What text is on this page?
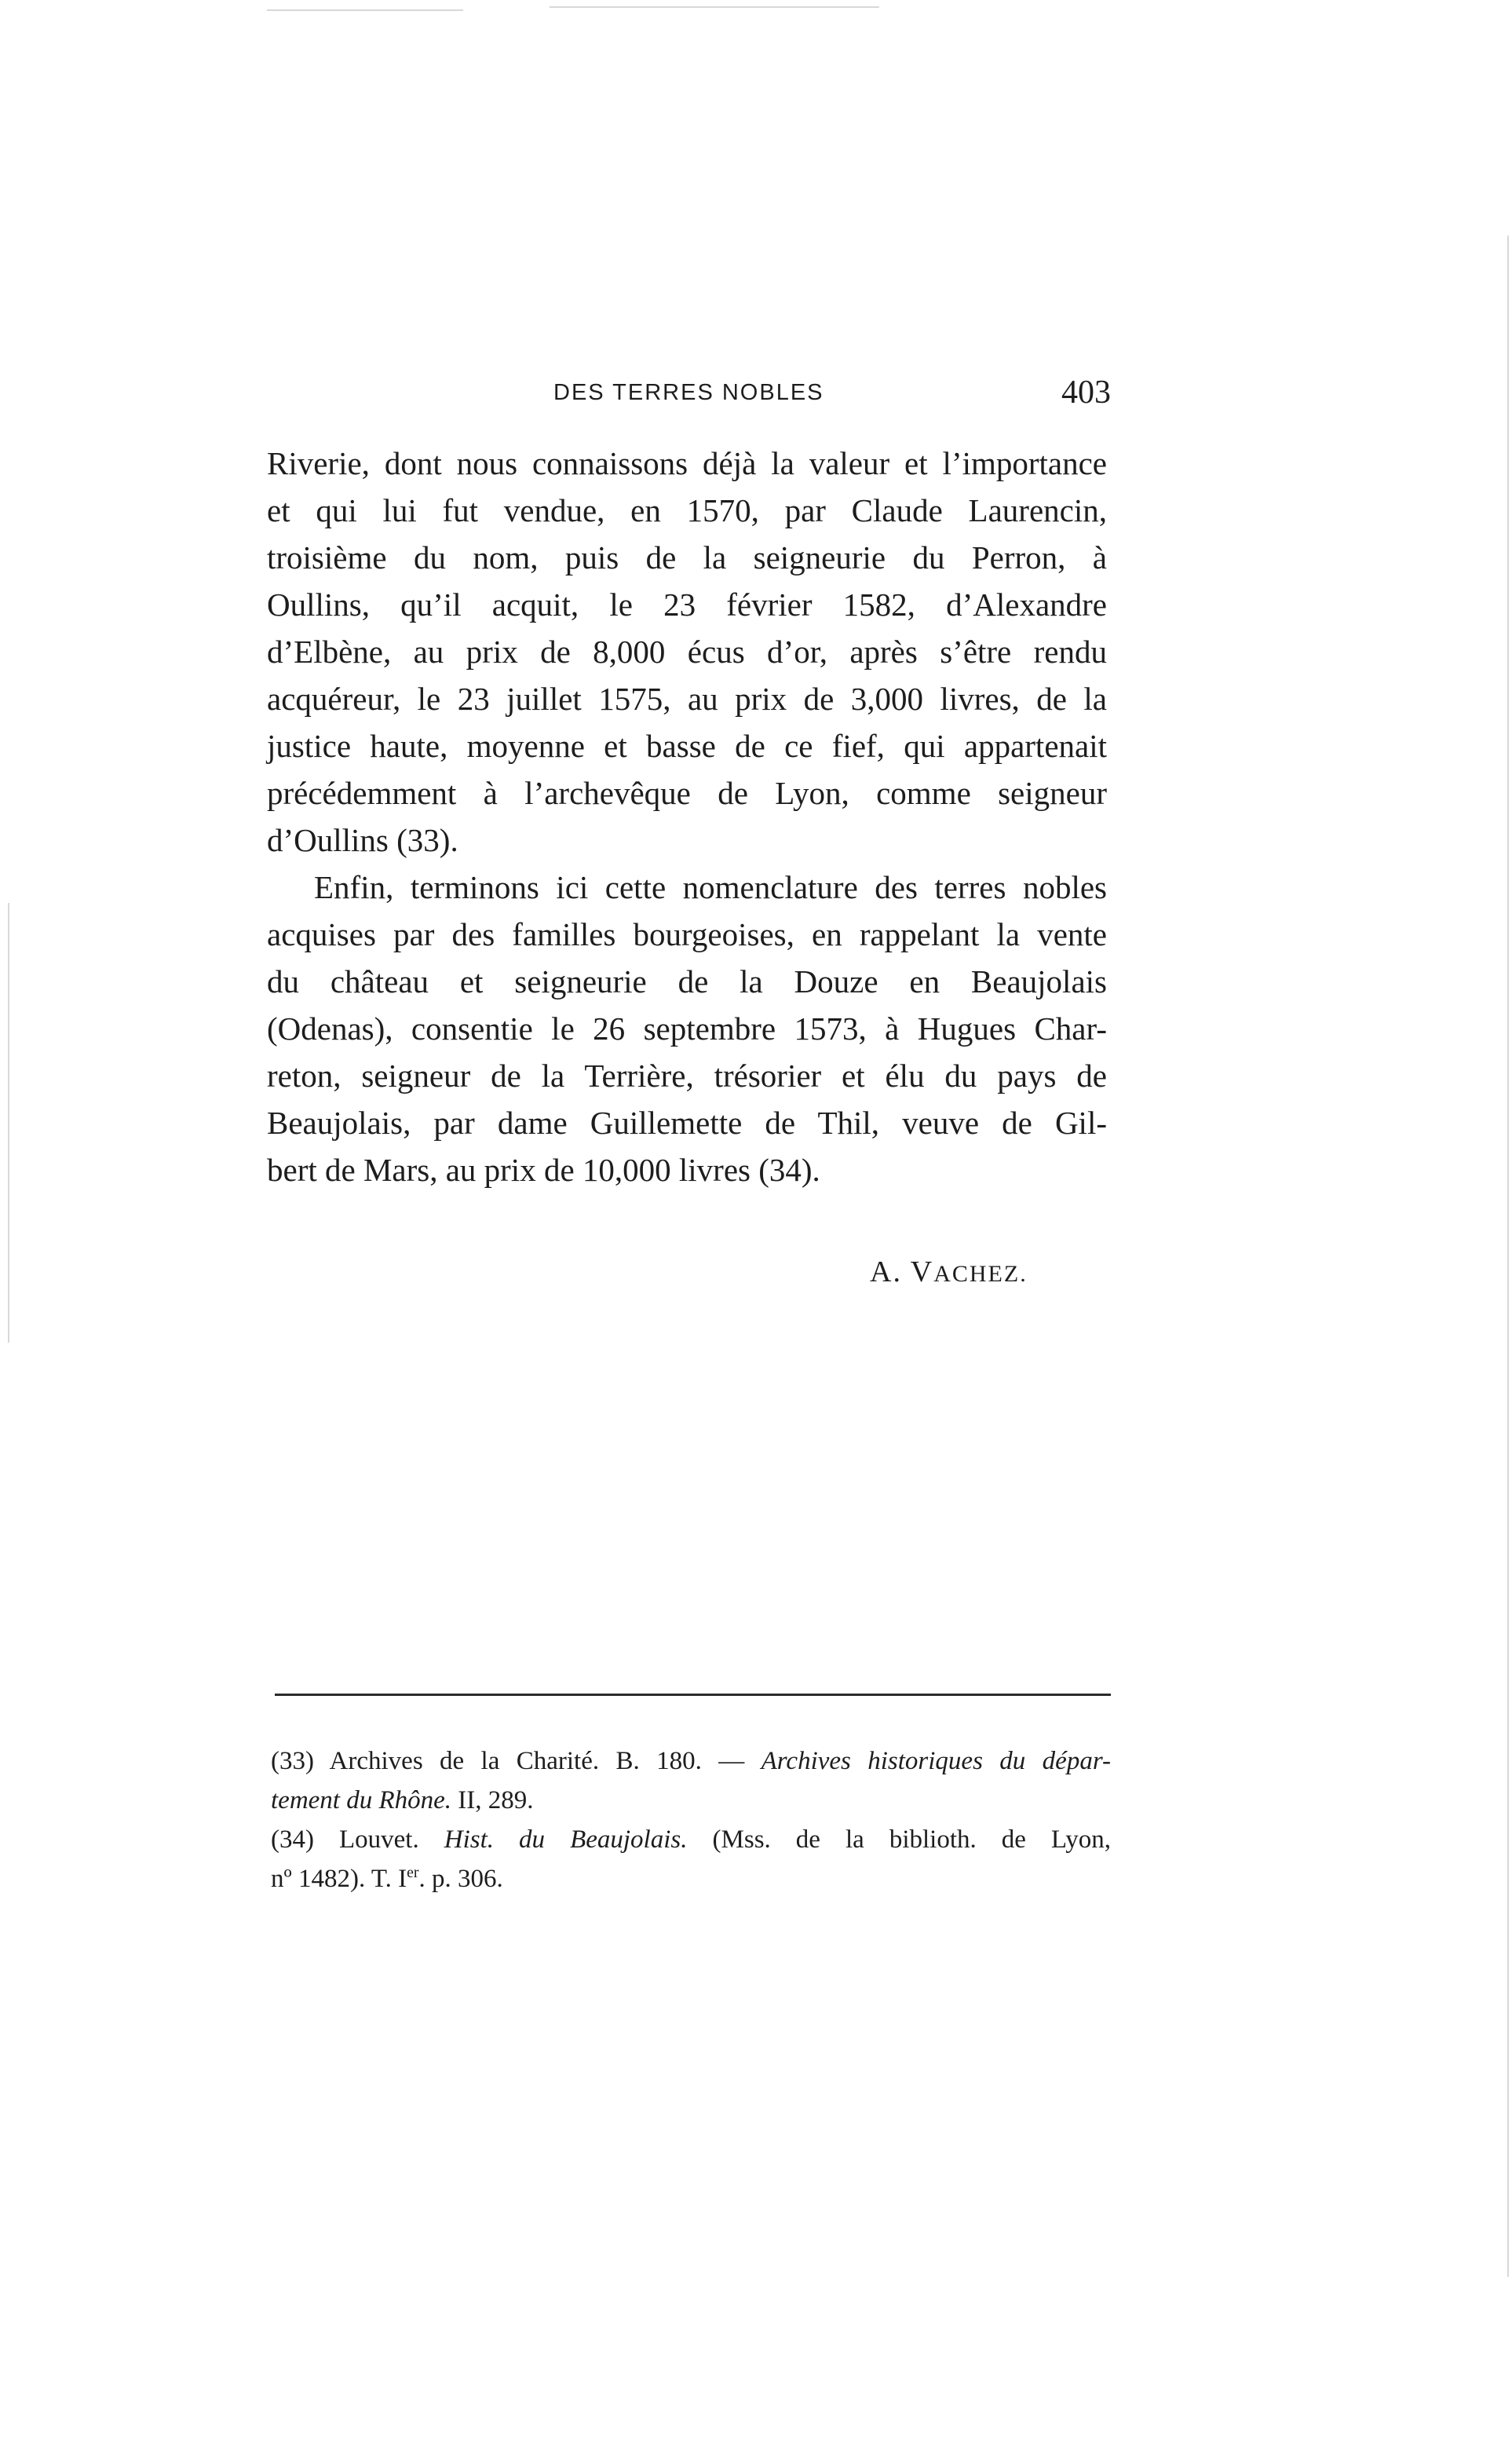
DES TERRES NOBLES	403
Riverie, dont nous connaissons déjà la valeur et l’importance
et qui lui fut vendue, en 1570, par Claude Laurencin,
troisième du nom, puis de la seigneurie du Perron, à
Oullins, qu’il acquit, le 23 février 1582, d’Alexandre
d’Elbène, au prix de 8,000 écus d’or, après s’être rendu
acquéreur, le 23 juillet 1575, au prix de 3,000 livres, de la
justice haute, moyenne et basse de ce fief, qui appartenait
précédemment à l’archevêque de Lyon, comme seigneur
d’Oullins (33).
Enfin, terminons ici cette nomenclature des terres nobles
acquises par des familles bourgeoises, en rappelant la vente
du château et seigneurie de la Douze en Beaujolais
(Odenas), consentie le 26 septembre 1573, à Hugues Char-
reton, seigneur de la Terrière, trésorier et élu du pays de
Beaujolais, par dame Guillemette de Thil, veuve de Gil-
bert de Mars, au prix de 10,000 livres (34).
A. VACHEZ.
(33) Archives de la Charité. B. 180. — Archives historiques du dépar-
tement du Rhône. II, 289.
(34) Louvet. Hist. du Beaujolais. (Mss. de la biblioth. de Lyon,
nº 1482). T. Ier. p. 306.
